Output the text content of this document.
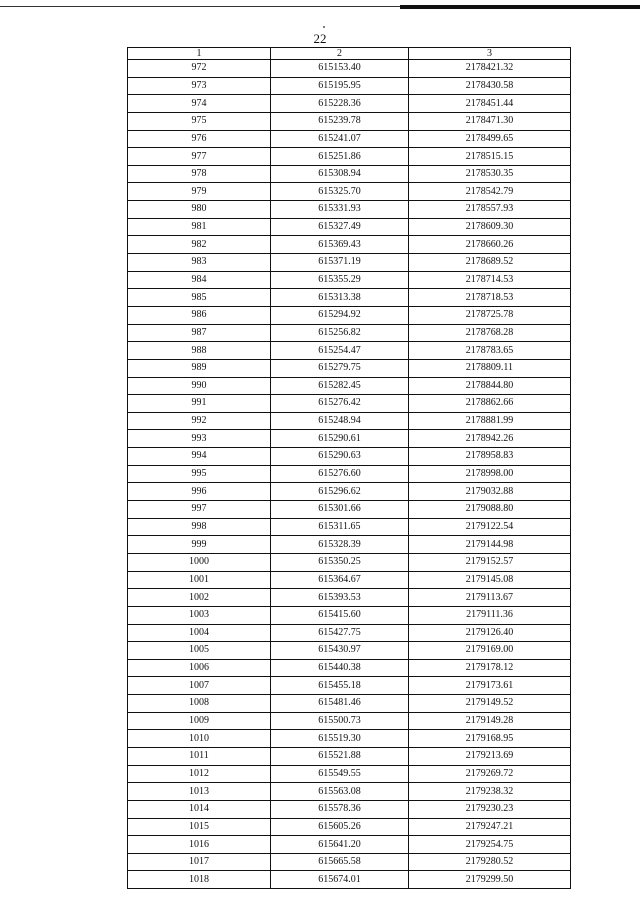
22
1	2	3
972	615153.40	2178421.32
973	615195.95	2178430.58
974	615228.36	2178451.44
975	615239.78	2178471.30
976	615241.07	2178499.65
977	615251.86	2178515.15
978	615308.94	2178530.35
979	615325.70	2178542.79
980	615331.93	2178557.93
981	615327.49	2178609.30
982	615369.43	2178660.26
983	615371.19	2178689.52
984	615355.29	2178714.53
985	615313.38	2178718.53
986	615294.92	2178725.78
987	615256.82	2178768.28
988	615254.47	2178783.65
989	615279.75	2178809.11
990	615282.45	2178844.80
991	615276.42	2178862.66
992	615248.94	2178881.99
993	615290.61	2178942.26
994	615290.63	2178958.83
995	615276.60	2178998.00
996	615296.62	2179032.88
997	615301.66	2179088.80
998	615311.65	2179122.54
999	615328.39	2179144.98
1000	615350.25	2179152.57
1001	615364.67	2179145.08
1002	615393.53	2179113.67
1003	615415.60	2179111.36
1004	615427.75	2179126.40
1005	615430.97	2179169.00
1006	615440.38	2179178.12
1007	615455.18	2179173.61
1008	615481.46	2179149.52
1009	615500.73	2179149.28
1010	615519.30	2179168.95
1011	615521.88	2179213.69
1012	615549.55	2179269.72
1013	615563.08	2179238.32
1014	615578.36	2179230.23
1015	615605.26	2179247.21
1016	615641.20	2179254.75
1017	615665.58	2179280.52
1018	615674.01	2179299.50
